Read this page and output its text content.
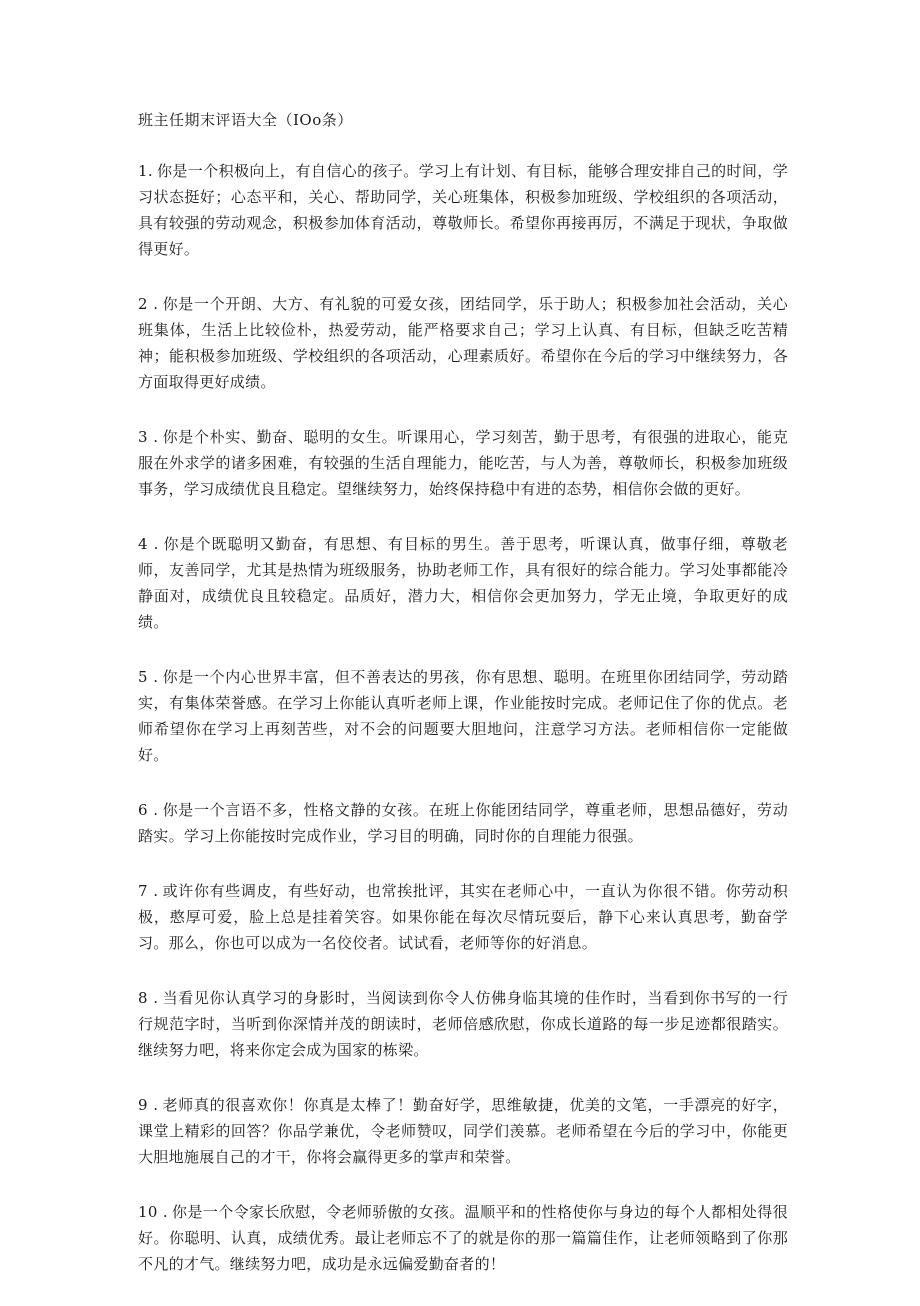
班主任期末评语大全（IOo条）

1. 你是一个积极向上，有自信心的孩子。学习上有计划、有目标，能够合理安排自己的时间，学习状态挺好；心态平和，关心、帮助同学，关心班集体，积极参加班级、学校组织的各项活动，具有较强的劳动观念，积极参加体育活动，尊敬师长。希望你再接再厉，不满足于现状，争取做得更好。

2 . 你是一个开朗、大方、有礼貌的可爱女孩，团结同学，乐于助人；积极参加社会活动，关心班集体，生活上比较俭朴，热爱劳动，能严格要求自己；学习上认真、有目标，但缺乏吃苦精神；能积极参加班级、学校组织的各项活动，心理素质好。希望你在今后的学习中继续努力，各方面取得更好成绩。

3 . 你是个朴实、勤奋、聪明的女生。听课用心，学习刻苦，勤于思考，有很强的进取心，能克服在外求学的诸多困难，有较强的生活自理能力，能吃苦，与人为善，尊敬师长，积极参加班级事务，学习成绩优良且稳定。望继续努力，始终保持稳中有进的态势，相信你会做的更好。

4 . 你是个既聪明又勤奋，有思想、有目标的男生。善于思考，听课认真，做事仔细，尊敬老师，友善同学，尤其是热情为班级服务，协助老师工作，具有很好的综合能力。学习处事都能冷静面对，成绩优良且较稳定。品质好，潜力大，相信你会更加努力，学无止境，争取更好的成绩。

5 . 你是一个内心世界丰富，但不善表达的男孩，你有思想、聪明。在班里你团结同学，劳动踏实，有集体荣誉感。在学习上你能认真听老师上课，作业能按时完成。老师记住了你的优点。老师希望你在学习上再刻苦些，对不会的问题要大胆地问，注意学习方法。老师相信你一定能做好。

6 . 你是一个言语不多，性格文静的女孩。在班上你能团结同学，尊重老师，思想品德好，劳动踏实。学习上你能按时完成作业，学习目的明确，同时你的自理能力很强。

7 . 或许你有些调皮，有些好动，也常挨批评，其实在老师心中，一直认为你很不错。你劳动积极，憨厚可爱，脸上总是挂着笑容。如果你能在每次尽情玩耍后，静下心来认真思考，勤奋学习。那么，你也可以成为一名佼佼者。试试看，老师等你的好消息。

8 . 当看见你认真学习的身影时，当阅读到你令人仿佛身临其境的佳作时，当看到你书写的一行行规范字时，当听到你深情并茂的朗读时，老师倍感欣慰，你成长道路的每一步足迹都很踏实。继续努力吧，将来你定会成为国家的栋梁。

9 . 老师真的很喜欢你！你真是太棒了！勤奋好学，思维敏捷，优美的文笔，一手漂亮的好字，课堂上精彩的回答？你品学兼优，令老师赞叹，同学们羡慕。老师希望在今后的学习中，你能更大胆地施展自己的才干，你将会赢得更多的掌声和荣誉。

10 . 你是一个令家长欣慰，令老师骄傲的女孩。温顺平和的性格使你与身边的每个人都相处得很好。你聪明、认真，成绩优秀。最让老师忘不了的就是你的那一篇篇佳作，让老师领略到了你那不凡的才气。继续努力吧，成功是永远偏爱勤奋者的！
